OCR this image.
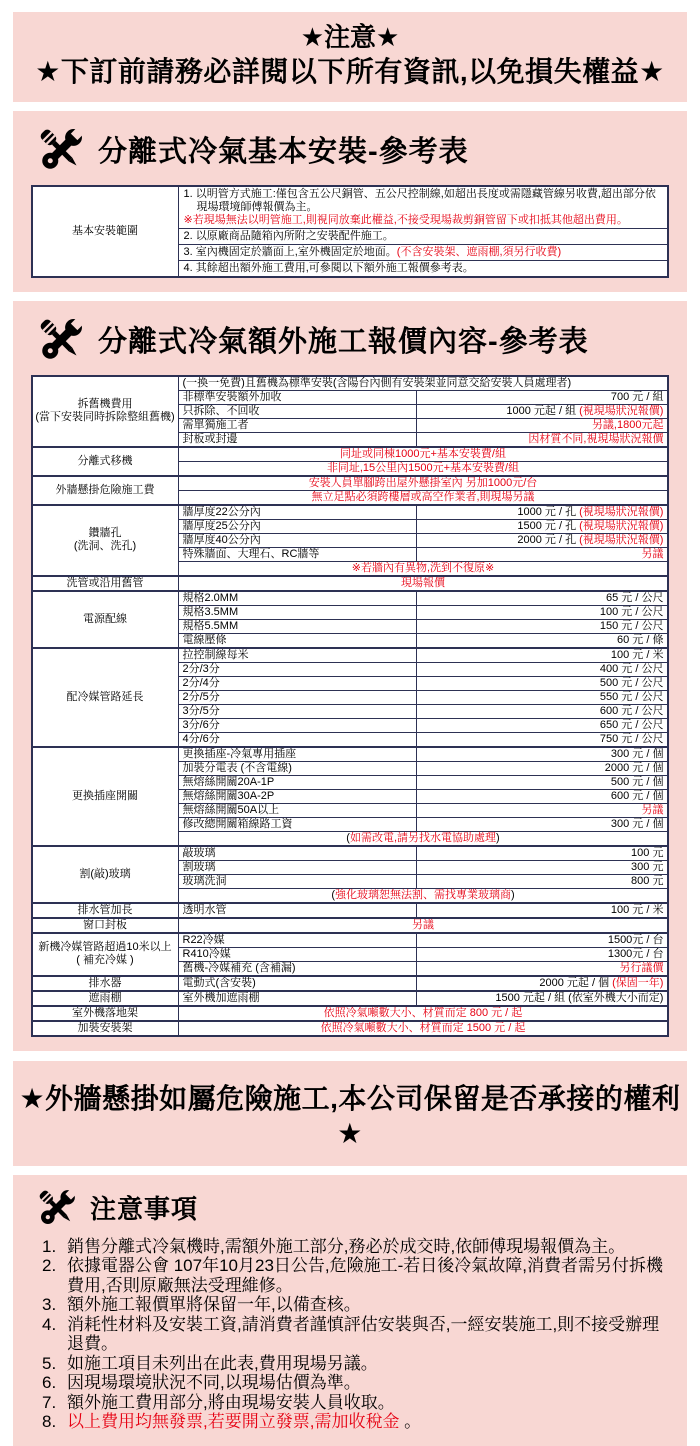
★注意★
★下訂前請務必詳閱以下所有資訊,以免損失權益★
分離式冷氣基本安裝-參考表
基本安裝範圍	
1. 以明管方式施工:僅包含五公尺銅管、五公尺控制線,如超出長度或需隱藏管線另收費,超出部分依現場環境師傅報價為主。
※若現場無法以明管施工,則視同放棄此權益,不接受現場裁剪銅管留下或扣抵其他超出費用。

2. 以原廠商品隨箱內所附之安裝配件施工。

3. 室內機固定於牆面上,室外機固定於地面。(不含安裝架、遮雨棚,須另行收費)

4. 其餘超出額外施工費用,可參閱以下額外施工報價參考表。
分離式冷氣額外施工報價內容-參考表
拆舊機費用
(當下安裝同時拆除整組舊機)	(一換一免費)且舊機為標準安裝(含陽台內側有安裝架並同意交給安裝人員處理者)	
	非標準安裝額外加收	700 元 / 組
	只拆除、不回收	1000 元起 / 組 (視現場狀況報價)
	需單獨施工者	另議,1800元起
	封板或封邊	因材質不同,視現場狀況報價

分離式移機	同址或同棟1000元+基本安裝費/組	
	非同址,15公里內1500元+基本安裝費/組	

外牆懸掛危險施工費	安裝人員單腳跨出屋外懸掛室內 另加1000元/台	
	無立足點必須跨樓層或高空作業者,則現場另議	

鑽牆孔
(洗洞、洗孔)	牆厚度22公分內	1000 元 / 孔 (視現場狀況報價)
	牆厚度25公分內	1500 元 / 孔 (視現場狀況報價)
	牆厚度40公分內	2000 元 / 孔 (視現場狀況報價)
	特殊牆面、大理石、RC牆等	另議
	※若牆內有異物,洗到不復原※	

洗管或沿用舊管	現場報價	

電源配線	規格2.0MM	65 元 / 公尺
	規格3.5MM	100 元 / 公尺
	規格5.5MM	150 元 / 公尺
	電線壓條	60 元 / 條

配冷媒管路延長	拉控制線每米	100 元 / 米
	2分/3分	400 元 / 公尺
	2分/4分	500 元 / 公尺
	2分/5分	550 元 / 公尺
	3分/5分	600 元 / 公尺
	3分/6分	650 元 / 公尺
	4分/6分	750 元 / 公尺

更換插座開關	更換插座-冷氣專用插座	300 元 / 個
	加裝分電表 (不含電線)	2000 元 / 個
	無熔絲開關20A-1P	500 元 / 個
	無熔絲開關30A-2P	600 元 / 個
	無熔絲開關50A以上	另議
	修改總開關箱線路工資	300 元 / 個
	(如需改電,請另找水電協助處理)	

割(敲)玻璃	敲玻璃	100 元
	割玻璃	300 元
	玻璃洗洞	800 元
	(強化玻璃恕無法割、需找專業玻璃商)	

排水管加長	透明水管	100 元 / 米

窗口封板	另議	

新機冷媒管路超過10米以上
( 補充冷媒 )	R22冷媒	1500元 / 台
	R410冷媒	1300元 / 台
	舊機-冷媒補充 (含補漏)	另行議價

排水器	電動式(含安裝)	2000 元起 / 個 (保固一年)

遮雨棚	室外機加遮雨棚	1500 元起 / 組 (依室外機大小而定)

室外機落地架	依照冷氣噸數大小、材質而定 800 元 / 起	

加裝安裝架	依照冷氣噸數大小、材質而定 1500 元 / 起	
★外牆懸掛如屬危險施工,本公司保留是否承接的權利★
注意事項
1. 銷售分離式冷氣機時,需額外施工部分,務必於成交時,依師傅現場報價為主。
2. 依據電器公會 107年10月23日公告,危險施工-若日後冷氣故障,消費者需另付拆機費用,否則原廠無法受理維修。
3. 額外施工報價單將保留一年,以備查核。
4. 消耗性材料及安裝工資,請消費者謹慎評估安裝與否,一經安裝施工,則不接受辦理退費。
5. 如施工項目未列出在此表,費用現場另議。
6. 因現場環境狀況不同,以現場估價為準。
7. 額外施工費用部分,將由現場安裝人員收取。
8. 以上費用均無發票,若要開立發票,需加收稅金 。
